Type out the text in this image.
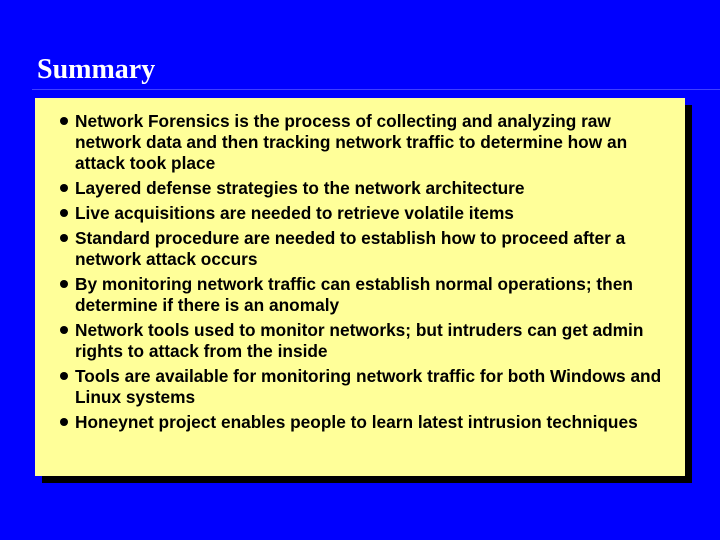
Summary
Network Forensics is the process of collecting and analyzing raw network data and then tracking network traffic to determine how an attack took place
Layered defense strategies to the network architecture
Live acquisitions are needed to retrieve volatile items
Standard procedure are needed to establish how to proceed after a network attack occurs
By monitoring network traffic can establish normal operations; then determine if there is an anomaly
Network tools used to monitor networks; but intruders can get admin rights to attack from the inside
Tools are available for monitoring network traffic for both Windows and Linux systems
Honeynet project enables people to learn latest intrusion techniques
